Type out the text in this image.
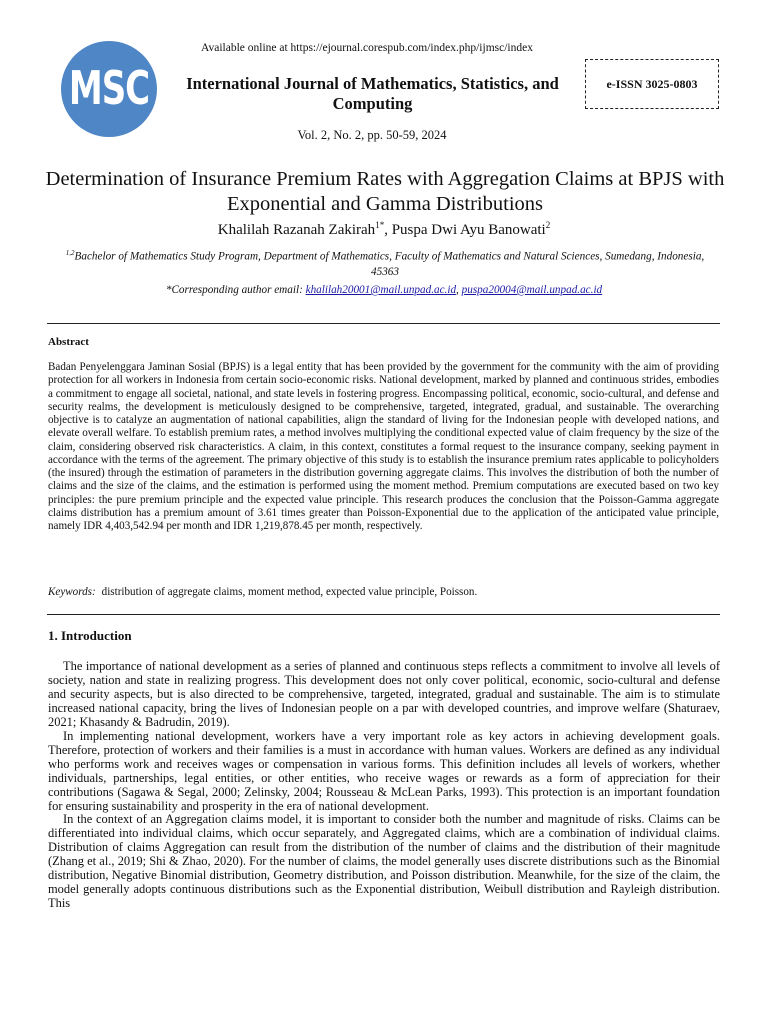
Available online at https://ejournal.corespub.com/index.php/ijmsc/index
MSC	International Journal of Mathematics, Statistics, and Computing
e-ISSN 3025-0803
Vol. 2, No. 2, pp. 50-59, 2024
Determination of Insurance Premium Rates with Aggregation Claims at BPJS with Exponential and Gamma Distributions
Khalilah Razanah Zakirah$^{1*}$, Puspa Dwi Ayu Banowati$^2$
$^{1,2}$Bachelor of Mathematics Study Program, Department of Mathematics, Faculty of Mathematics and Natural Sciences, Sumedang, Indonesia, 45363
*Corresponding author email: khalilah20001@mail.unpad.ac.id, puspa20004@mail.unpad.ac.id
Abstract
Badan Penyelenggara Jaminan Sosial (BPJS) is a legal entity that has been provided by the government for the community with the aim of providing protection for all workers in Indonesia from certain socio-economic risks. National development, marked by planned and continuous strides, embodies a commitment to engage all societal, national, and state levels in fostering progress. Encompassing political, economic, socio-cultural, and defense and security realms, the development is meticulously designed to be comprehensive, targeted, integrated, gradual, and sustainable. The overarching objective is to catalyze an augmentation of national capabilities, align the standard of living for the Indonesian people with developed nations, and elevate overall welfare. To establish premium rates, a method involves multiplying the conditional expected value of claim frequency by the size of the claim, considering observed risk characteristics. A claim, in this context, constitutes a formal request to the insurance company, seeking payment in accordance with the terms of the agreement. The primary objective of this study is to establish the insurance premium rates applicable to policyholders (the insured) through the estimation of parameters in the distribution governing aggregate claims. This involves the distribution of both the number of claims and the size of the claims, and the estimation is performed using the moment method. Premium computations are executed based on two key principles: the pure premium principle and the expected value principle. This research produces the conclusion that the Poisson-Gamma aggregate claims distribution has a premium amount of 3.61 times greater than Poisson-Exponential due to the application of the anticipated value principle, namely IDR 4,403,542.94 per month and IDR 1,219,878.45 per month, respectively.
Keywords: distribution of aggregate claims, moment method, expected value principle, Poisson.
1. Introduction

The importance of national development as a series of planned and continuous steps reflects a commitment to involve all levels of society, nation and state in realizing progress. This development does not only cover political, economic, socio-cultural and defense and security aspects, but is also directed to be comprehensive, targeted, integrated, gradual and sustainable. The aim is to stimulate increased national capacity, bring the lives of Indonesian people on a par with developed countries, and improve welfare (Shaturaev, 2021; Khasandy & Badrudin, 2019).

In implementing national development, workers have a very important role as key actors in achieving development goals. Therefore, protection of workers and their families is a must in accordance with human values. Workers are defined as any individual who performs work and receives wages or compensation in various forms. This definition includes all levels of workers, whether individuals, partnerships, legal entities, or other entities, who receive wages or rewards as a form of appreciation for their contributions (Sagawa & Segal, 2000; Zelinsky, 2004; Rousseau & McLean Parks, 1993). This protection is an important foundation for ensuring sustainability and prosperity in the era of national development.

In the context of an Aggregation claims model, it is important to consider both the number and magnitude of risks. Claims can be differentiated into individual claims, which occur separately, and Aggregated claims, which are a combination of individual claims. Distribution of claims Aggregation can result from the distribution of the number of claims and the distribution of their magnitude (Zhang et al., 2019; Shi & Zhao, 2020). For the number of claims, the model generally uses discrete distributions such as the Binomial distribution, Negative Binomial distribution, Geometry distribution, and Poisson distribution. Meanwhile, for the size of the claim, the model generally adopts continuous distributions such as the Exponential distribution, Weibull distribution and Rayleigh distribution. This
